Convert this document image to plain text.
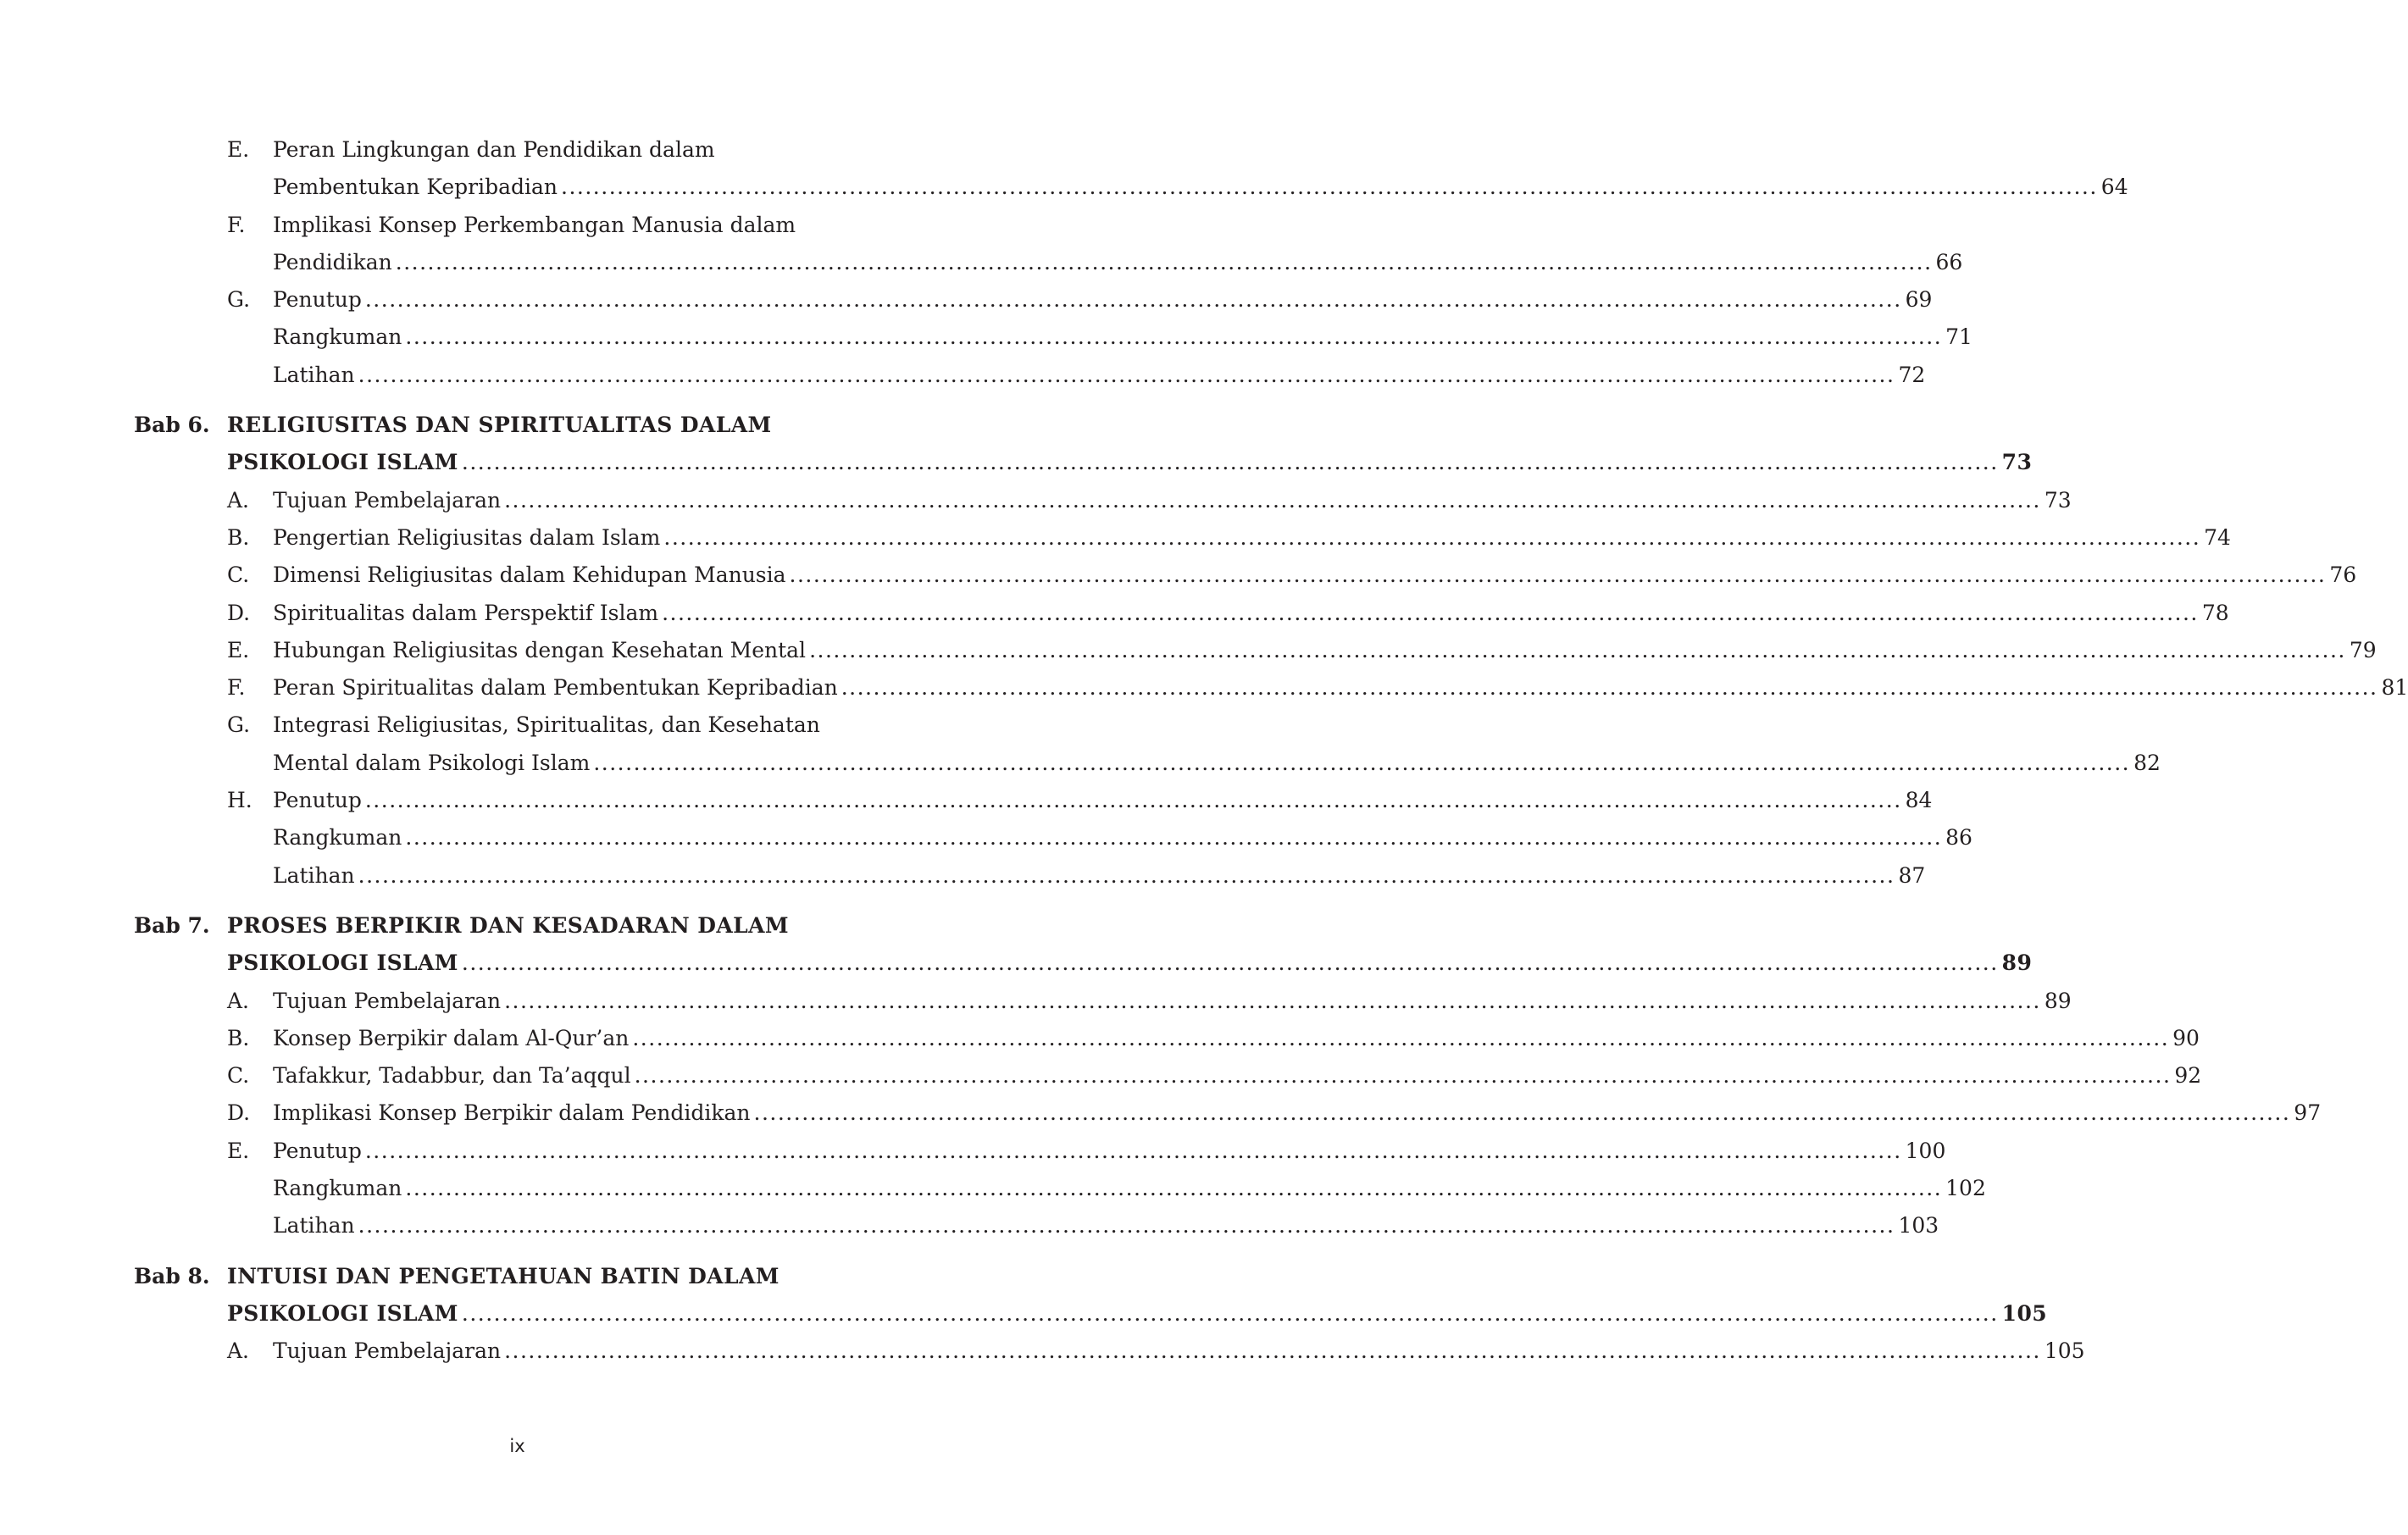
E.	Peran Lingkungan dan Pendidikan dalam
Pembentukan Kepribadian
.....	64
F.	Implikasi Konsep Perkembangan Manusia dalam
Pendidikan
.....	66
G.	Penutup
.....	69
Rangkuman
.....	71
Latihan
.....	72
Bab 6. RELIGIUSITAS DAN SPIRITUALITAS DALAM
PSIKOLOGI ISLAM
.....	73
A.	Tujuan Pembelajaran
.....	73
B.	Pengertian Religiusitas dalam Islam
.....	74
C.	Dimensi Religiusitas dalam Kehidupan Manusia
.....	76
D.	Spiritualitas dalam Perspektif Islam
.....	78
E.	Hubungan Religiusitas dengan Kesehatan Mental
.....	79
F.	Peran Spiritualitas dalam Pembentukan Kepribadian
.....	81
G.	Integrasi Religiusitas, Spiritualitas, dan Kesehatan
Mental dalam Psikologi Islam
.....	82
H. Penutup
.....	84
Rangkuman
.....	86
Latihan
.....	87
Bab 7. PROSES BERPIKIR DAN KESADARAN DALAM
PSIKOLOGI ISLAM
.....	89
A.	Tujuan Pembelajaran
.....	89
B.	Konsep Berpikir dalam Al-Qur’an
.....	90
C.	Tafakkur, Tadabbur, dan Ta’aqqul
.....	92
D.	Implikasi Konsep Berpikir dalam Pendidikan
.....	97
E.	Penutup
.....	100
Rangkuman
.....	102
Latihan
.....	103
Bab 8. INTUISI DAN PENGETAHUAN BATIN DALAM
PSIKOLOGI ISLAM
.....	105
A.	Tujuan Pembelajaran
.....	105
ix
